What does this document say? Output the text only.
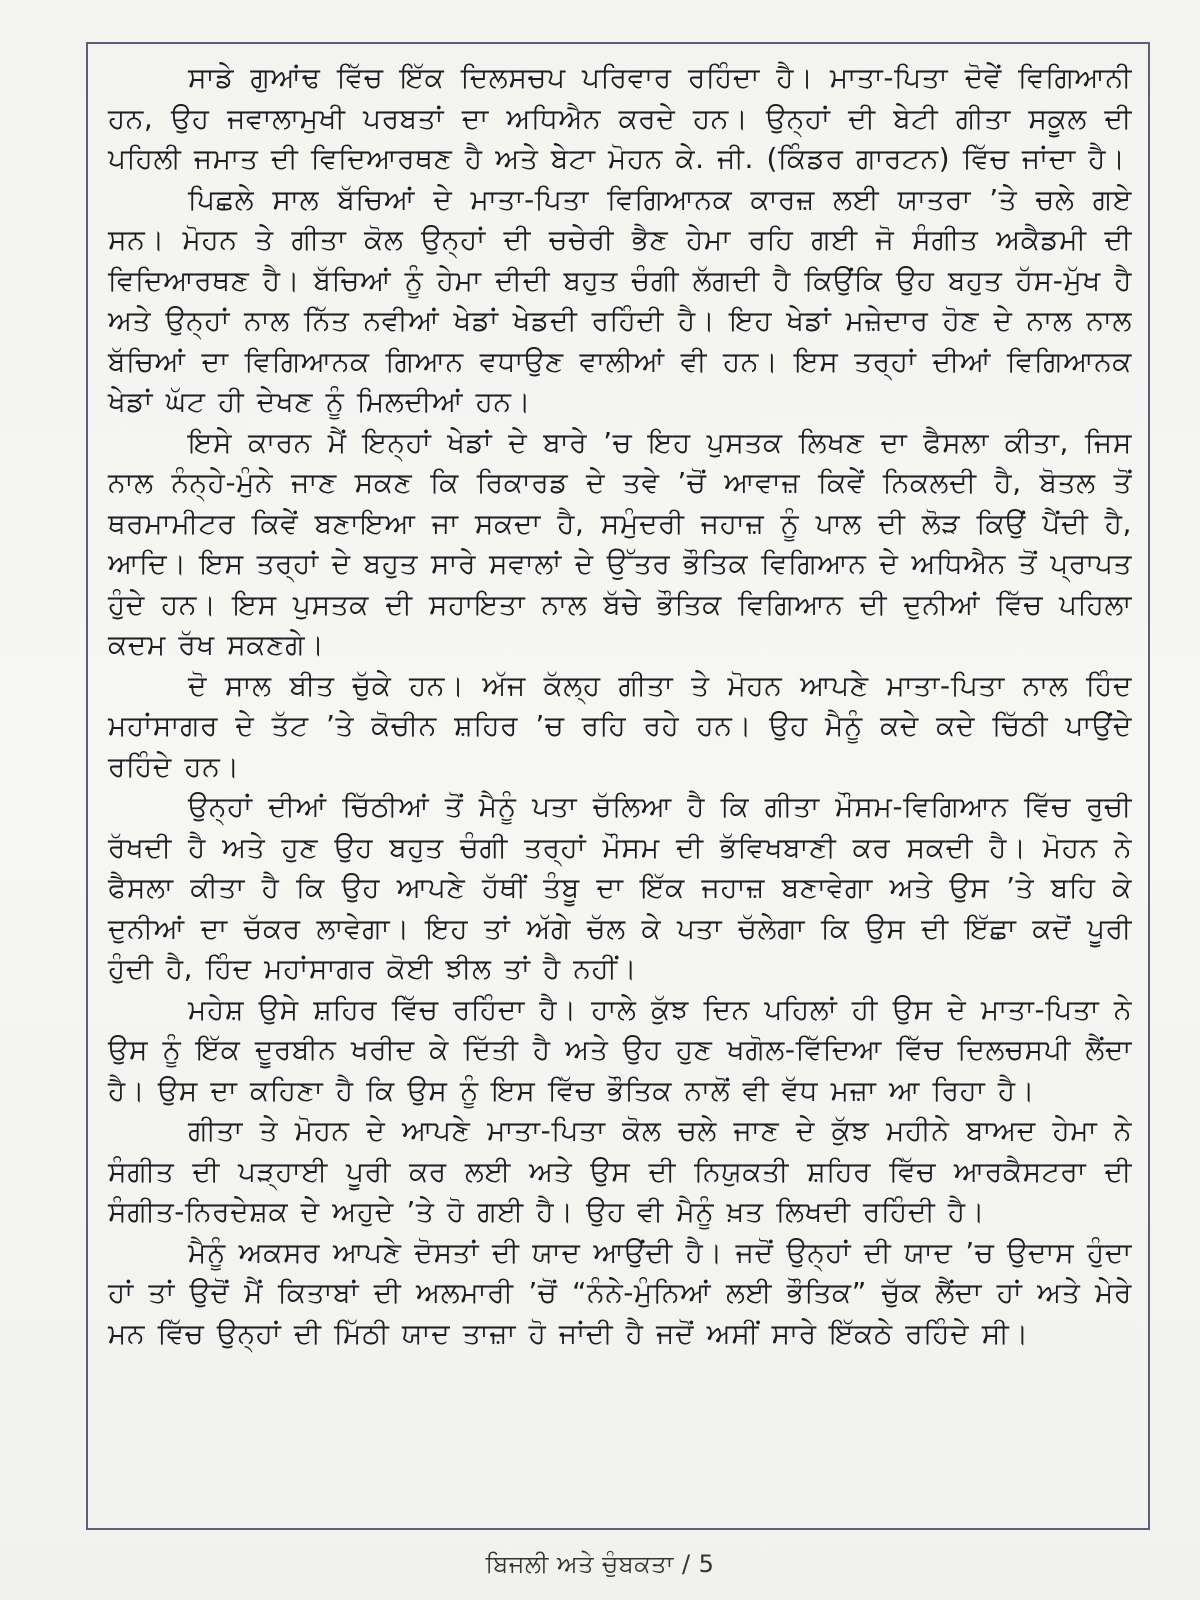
ਸਾਡੇ ਗੁਆਂਢ ਵਿੱਚ ਇੱਕ ਦਿਲਸਚਪ ਪਰਿਵਾਰ ਰਹਿੰਦਾ ਹੈ। ਮਾਤਾ-ਪਿਤਾ ਦੋਵੇਂ ਵਿਗਿਆਨੀ ਹਨ, ਉਹ ਜਵਾਲਾਮੁਖੀ ਪਰਬਤਾਂ ਦਾ ਅਧਿਐਨ ਕਰਦੇ ਹਨ। ਉਨ੍ਹਾਂ ਦੀ ਬੇਟੀ ਗੀਤਾ ਸਕੂਲ ਦੀ ਪਹਿਲੀ ਜਮਾਤ ਦੀ ਵਿਦਿਆਰਥਣ ਹੈ ਅਤੇ ਬੇਟਾ ਮੋਹਨ ਕੇ. ਜੀ. (ਕਿੰਡਰ ਗਾਰਟਨ) ਵਿੱਚ ਜਾਂਦਾ ਹੈ।

ਪਿਛਲੇ ਸਾਲ ਬੱਚਿਆਂ ਦੇ ਮਾਤਾ-ਪਿਤਾ ਵਿਗਿਆਨਕ ਕਾਰਜ਼ ਲਈ ਯਾਤਰਾ ’ਤੇ ਚਲੇ ਗਏ ਸਨ। ਮੋਹਨ ਤੇ ਗੀਤਾ ਕੋਲ ਉਨ੍ਹਾਂ ਦੀ ਚਚੇਰੀ ਭੈਣ ਹੇਮਾ ਰਹਿ ਗਈ ਜੋ ਸੰਗੀਤ ਅਕੈਡਮੀ ਦੀ ਵਿਦਿਆਰਥਣ ਹੈ। ਬੱਚਿਆਂ ਨੂੰ ਹੇਮਾ ਦੀਦੀ ਬਹੁਤ ਚੰਗੀ ਲੱਗਦੀ ਹੈ ਕਿਉਂਕਿ ਉਹ ਬਹੁਤ ਹੱਸ-ਮੁੱਖ ਹੈ ਅਤੇ ਉਨ੍ਹਾਂ ਨਾਲ ਨਿੱਤ ਨਵੀਆਂ ਖੇਡਾਂ ਖੇਡਦੀ ਰਹਿੰਦੀ ਹੈ। ਇਹ ਖੇਡਾਂ ਮਜ਼ੇਦਾਰ ਹੋਣ ਦੇ ਨਾਲ ਨਾਲ ਬੱਚਿਆਂ ਦਾ ਵਿਗਿਆਨਕ ਗਿਆਨ ਵਧਾਉਣ ਵਾਲੀਆਂ ਵੀ ਹਨ। ਇਸ ਤਰ੍ਹਾਂ ਦੀਆਂ ਵਿਗਿਆਨਕ ਖੇਡਾਂ ਘੱਟ ਹੀ ਦੇਖਣ ਨੂੰ ਮਿਲਦੀਆਂ ਹਨ।

ਇਸੇ ਕਾਰਨ ਮੈਂ ਇਨ੍ਹਾਂ ਖੇਡਾਂ ਦੇ ਬਾਰੇ ’ਚ ਇਹ ਪੁਸਤਕ ਲਿਖਣ ਦਾ ਫੈਸਲਾ ਕੀਤਾ, ਜਿਸ ਨਾਲ ਨੰਨ੍ਹੇ-ਮੁੰਨੇ ਜਾਣ ਸਕਣ ਕਿ ਰਿਕਾਰਡ ਦੇ ਤਵੇ ’ਚੋਂ ਆਵਾਜ਼ ਕਿਵੇਂ ਨਿਕਲਦੀ ਹੈ, ਬੋਤਲ ਤੋਂ ਥਰਮਾਮੀਟਰ ਕਿਵੇਂ ਬਣਾਇਆ ਜਾ ਸਕਦਾ ਹੈ, ਸਮੁੰਦਰੀ ਜਹਾਜ਼ ਨੂੰ ਪਾਲ ਦੀ ਲੋੜ ਕਿਉਂ ਪੈਂਦੀ ਹੈ, ਆਦਿ। ਇਸ ਤਰ੍ਹਾਂ ਦੇ ਬਹੁਤ ਸਾਰੇ ਸਵਾਲਾਂ ਦੇ ਉੱਤਰ ਭੌਤਿਕ ਵਿਗਿਆਨ ਦੇ ਅਧਿਐਨ ਤੋਂ ਪ੍ਰਾਪਤ ਹੁੰਦੇ ਹਨ। ਇਸ ਪੁਸਤਕ ਦੀ ਸਹਾਇਤਾ ਨਾਲ ਬੱਚੇ ਭੌਤਿਕ ਵਿਗਿਆਨ ਦੀ ਦੁਨੀਆਂ ਵਿੱਚ ਪਹਿਲਾ ਕਦਮ ਰੱਖ ਸਕਣਗੇ।

ਦੋ ਸਾਲ ਬੀਤ ਚੁੱਕੇ ਹਨ। ਅੱਜ ਕੱਲ੍ਹ ਗੀਤਾ ਤੇ ਮੋਹਨ ਆਪਣੇ ਮਾਤਾ-ਪਿਤਾ ਨਾਲ ਹਿੰਦ ਮਹਾਂਸਾਗਰ ਦੇ ਤੱਟ ’ਤੇ ਕੋਚੀਨ ਸ਼ਹਿਰ ’ਚ ਰਹਿ ਰਹੇ ਹਨ। ਉਹ ਮੈਨੂੰ ਕਦੇ ਕਦੇ ਚਿੱਠੀ ਪਾਉਂਦੇ ਰਹਿੰਦੇ ਹਨ।

ਉਨ੍ਹਾਂ ਦੀਆਂ ਚਿੱਠੀਆਂ ਤੋਂ ਮੈਨੂੰ ਪਤਾ ਚੱਲਿਆ ਹੈ ਕਿ ਗੀਤਾ ਮੌਸਮ-ਵਿਗਿਆਨ ਵਿੱਚ ਰੁਚੀ ਰੱਖਦੀ ਹੈ ਅਤੇ ਹੁਣ ਉਹ ਬਹੁਤ ਚੰਗੀ ਤਰ੍ਹਾਂ ਮੌਸਮ ਦੀ ਭੱਵਿਖਬਾਣੀ ਕਰ ਸਕਦੀ ਹੈ। ਮੋਹਨ ਨੇ ਫੈਸਲਾ ਕੀਤਾ ਹੈ ਕਿ ਉਹ ਆਪਣੇ ਹੱਥੀਂ ਤੰਬੂ ਦਾ ਇੱਕ ਜਹਾਜ਼ ਬਣਾਵੇਗਾ ਅਤੇ ਉਸ ’ਤੇ ਬਹਿ ਕੇ ਦੁਨੀਆਂ ਦਾ ਚੱਕਰ ਲਾਵੇਗਾ। ਇਹ ਤਾਂ ਅੱਗੇ ਚੱਲ ਕੇ ਪਤਾ ਚੱਲੇਗਾ ਕਿ ਉਸ ਦੀ ਇੱਛਾ ਕਦੋਂ ਪੂਰੀ ਹੁੰਦੀ ਹੈ, ਹਿੰਦ ਮਹਾਂਸਾਗਰ ਕੋਈ ਝੀਲ ਤਾਂ ਹੈ ਨਹੀਂ।

ਮਹੇਸ਼ ਉਸੇ ਸ਼ਹਿਰ ਵਿੱਚ ਰਹਿੰਦਾ ਹੈ। ਹਾਲੇ ਕੁੱਝ ਦਿਨ ਪਹਿਲਾਂ ਹੀ ਉਸ ਦੇ ਮਾਤਾ-ਪਿਤਾ ਨੇ ਉਸ ਨੂੰ ਇੱਕ ਦੂਰਬੀਨ ਖਰੀਦ ਕੇ ਦਿੱਤੀ ਹੈ ਅਤੇ ਉਹ ਹੁਣ ਖਗੋਲ-ਵਿੱਦਿਆ ਵਿੱਚ ਦਿਲਚਸਪੀ ਲੈਂਦਾ ਹੈ। ਉਸ ਦਾ ਕਹਿਣਾ ਹੈ ਕਿ ਉਸ ਨੂੰ ਇਸ ਵਿੱਚ ਭੌਤਿਕ ਨਾਲੋਂ ਵੀ ਵੱਧ ਮਜ਼ਾ ਆ ਰਿਹਾ ਹੈ।

ਗੀਤਾ ਤੇ ਮੋਹਨ ਦੇ ਆਪਣੇ ਮਾਤਾ-ਪਿਤਾ ਕੋਲ ਚਲੇ ਜਾਣ ਦੇ ਕੁੱਝ ਮਹੀਨੇ ਬਾਅਦ ਹੇਮਾ ਨੇ ਸੰਗੀਤ ਦੀ ਪੜ੍ਹਾਈ ਪੂਰੀ ਕਰ ਲਈ ਅਤੇ ਉਸ ਦੀ ਨਿਯੁਕਤੀ ਸ਼ਹਿਰ ਵਿੱਚ ਆਰਕੈਸਟਰਾ ਦੀ ਸੰਗੀਤ-ਨਿਰਦੇਸ਼ਕ ਦੇ ਅਹੁਦੇ ’ਤੇ ਹੋ ਗਈ ਹੈ। ਉਹ ਵੀ ਮੈਨੂੰ ਖ਼ਤ ਲਿਖਦੀ ਰਹਿੰਦੀ ਹੈ।

ਮੈਨੂੰ ਅਕਸਰ ਆਪਣੇ ਦੋਸਤਾਂ ਦੀ ਯਾਦ ਆਉਂਦੀ ਹੈ। ਜਦੋਂ ਉਨ੍ਹਾਂ ਦੀ ਯਾਦ ’ਚ ਉਦਾਸ ਹੁੰਦਾ ਹਾਂ ਤਾਂ ਉਦੋਂ ਮੈਂ ਕਿਤਾਬਾਂ ਦੀ ਅਲਮਾਰੀ ’ਚੋਂ “ਨੰਨੇ-ਮੁੰਨਿਆਂ ਲਈ ਭੌਤਿਕ” ਚੁੱਕ ਲੈਂਦਾ ਹਾਂ ਅਤੇ ਮੇਰੇ ਮਨ ਵਿੱਚ ਉਨ੍ਹਾਂ ਦੀ ਮਿੱਠੀ ਯਾਦ ਤਾਜ਼ਾ ਹੋ ਜਾਂਦੀ ਹੈ ਜਦੋਂ ਅਸੀਂ ਸਾਰੇ ਇੱਕਠੇ ਰਹਿੰਦੇ ਸੀ।

ਬਿਜਲੀ ਅਤੇ ਚੁੰਬਕਤਾ / 5
